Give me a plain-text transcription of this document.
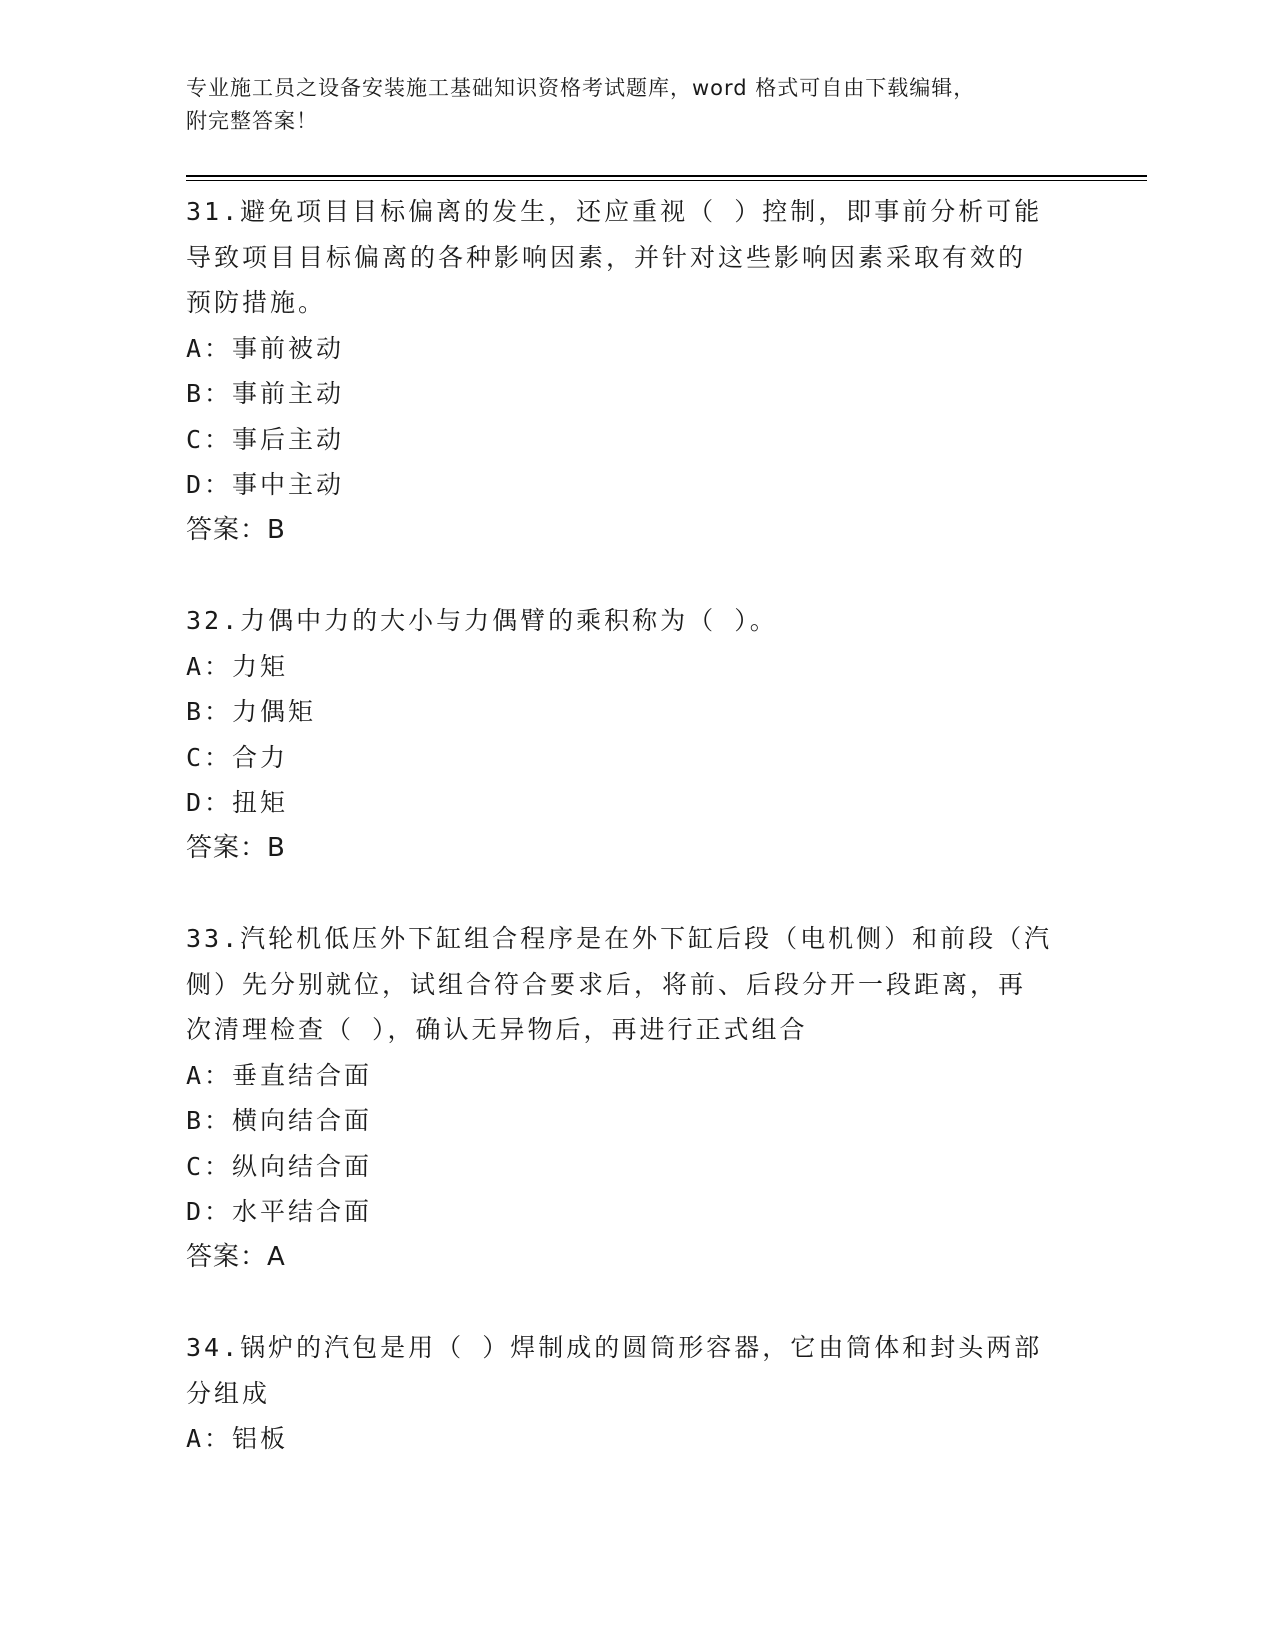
专业施工员之设备安装施工基础知识资格考试题库，word 格式可自由下载编辑，
附完整答案！

31.避免项目目标偏离的发生，还应重视（ ）控制，即事前分析可能

导致项目目标偏离的各种影响因素，并针对这些影响因素采取有效的

预防措施。

A：事前被动

B：事前主动

C：事后主动

D：事中主动

答案：B

32.力偶中力的大小与力偶臂的乘积称为（ ）。

A：力矩

B：力偶矩

C：合力

D：扭矩

答案：B

33.汽轮机低压外下缸组合程序是在外下缸后段（电机侧）和前段（汽

侧）先分别就位，试组合符合要求后，将前、后段分开一段距离，再

次清理检查（ ），确认无异物后，再进行正式组合

A：垂直结合面

B：横向结合面

C：纵向结合面

D：水平结合面

答案：A

34.锅炉的汽包是用（ ）焊制成的圆筒形容器，它由筒体和封头两部

分组成

A：铝板
